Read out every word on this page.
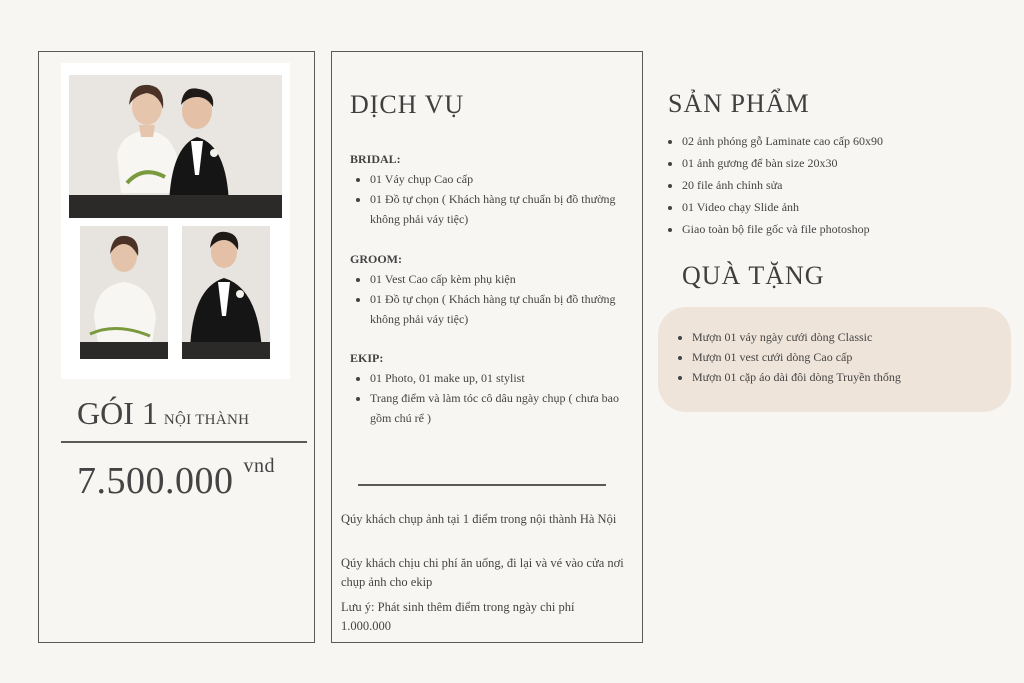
GÓI 1 NỘI THÀNH
7.500.000 $^{vnd}$
DỊCH VỤ
BRIDAL:
• 01 Váy chụp Cao cấp
• 01 Đồ tự chọn ( Khách hàng tự chuẩn bị đồ thường không phải váy tiệc)
GROOM:
• 01 Vest Cao cấp kèm phụ kiện
• 01 Đồ tự chọn ( Khách hàng tự chuẩn bị đồ thường không phải váy tiệc)
EKIP:
• 01 Photo, 01 make up, 01 stylist
• Trang điểm và làm tóc cô dâu ngày chụp ( chưa bao gồm chú rể )
Qúy khách chụp ảnh tại 1 điểm trong nội thành Hà Nội
Qúy khách chịu chi phí ăn uống, đi lại và vé vào cửa nơi chụp ảnh cho ekip
Lưu ý: Phát sinh thêm điểm trong ngày chi phí 1.000.000
SẢN PHẨM
• 02 ảnh phóng gỗ Laminate cao cấp 60x90
• 01 ảnh gương để bàn size 20x30
• 20 file ảnh chỉnh sửa
• 01 Video chạy Slide ảnh
• Giao toàn bộ file gốc và file photoshop
QUÀ TẶNG
• Mượn 01 váy ngày cưới dòng Classic
• Mượn 01 vest cưới dòng Cao cấp
• Mượn 01 cặp áo dài đôi dòng Truyền thống
